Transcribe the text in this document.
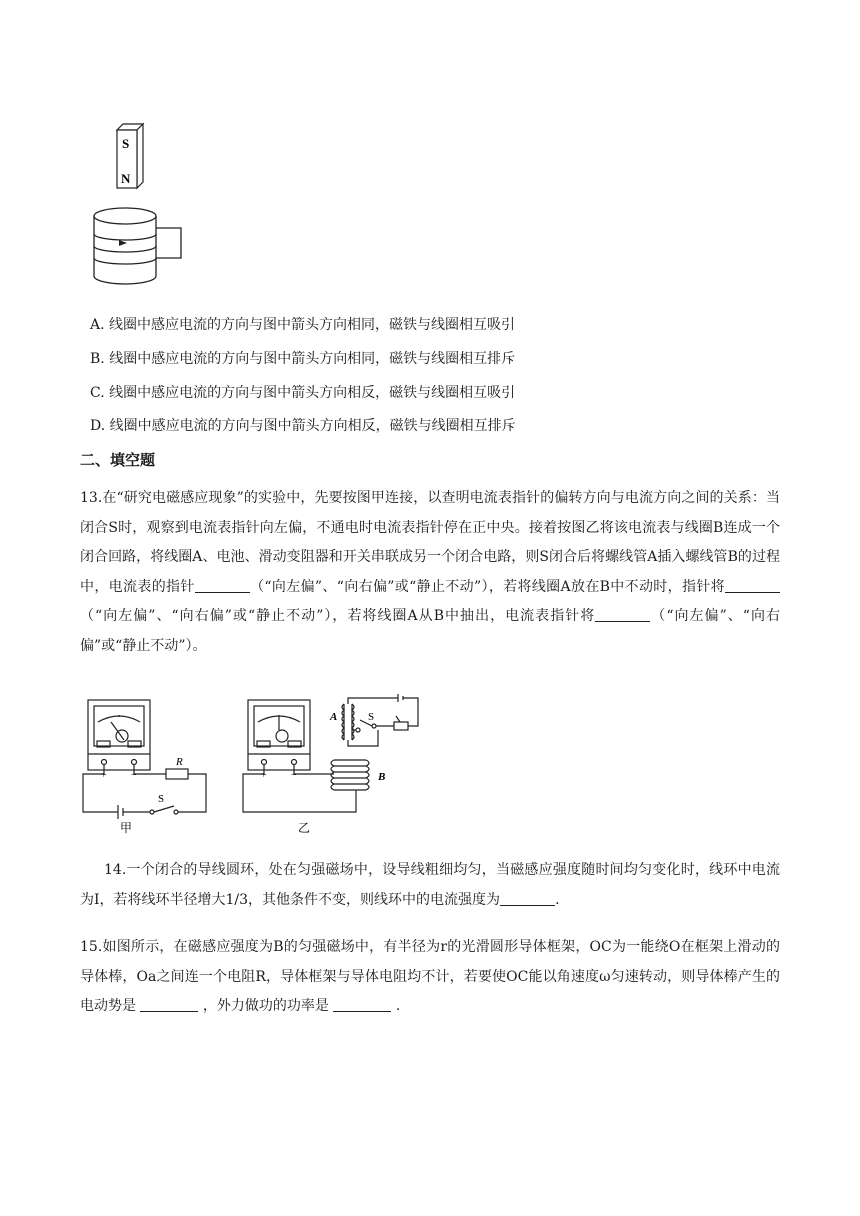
S
N
A. 线圈中感应电流的方向与图中箭头方向相同，磁铁与线圈相互吸引
B. 线圈中感应电流的方向与图中箭头方向相同，磁铁与线圈相互排斥
C. 线圈中感应电流的方向与图中箭头方向相反，磁铁与线圈相互吸引
D. 线圈中感应电流的方向与图中箭头方向相反，磁铁与线圈相互排斥
二、填空题
13.在“研究电磁感应现象”的实验中，先要按图甲连接，以查明电流表指针的偏转方向与电流方向之间的关系：当闭合S时，观察到电流表指针向左偏，不通电时电流表指针停在正中央。接着按图乙将该电流表与线圈B连成一个闭合回路，将线圈A、电池、滑动变阻器和开关串联成另一个闭合电路，则S闭合后将螺线管A插入螺线管B的过程中，电流表的指针	（“向左偏”、“向右偏”或“静止不动”），若将线圈A放在B中不动时，指针将（“向左偏”、“向右偏”或“静止不动”），若将线圈A从B中抽出，电流表指针将	（“向左偏”、“向右偏”或“静止不动”）。
R
S
+ −	+ −
A
B
S
甲	乙
14.一个闭合的导线圆环，处在匀强磁场中，设导线粗细均匀，当磁感应强度随时间均匀变化时，线环中电流为I，若将线环半径增大1/3，其他条件不变，则线环中的电流强度为	.
15.如图所示，在磁感应强度为B的匀强磁场中，有半径为r的光滑圆形导体框架，OC为一能绕O在框架上滑动的导体棒，Oa之间连一个电阻R，导体框架与导体电阻均不计，若要使OC能以角速度ω匀速转动，则导体棒产生的电动势是	，外力做功的功率是	.
